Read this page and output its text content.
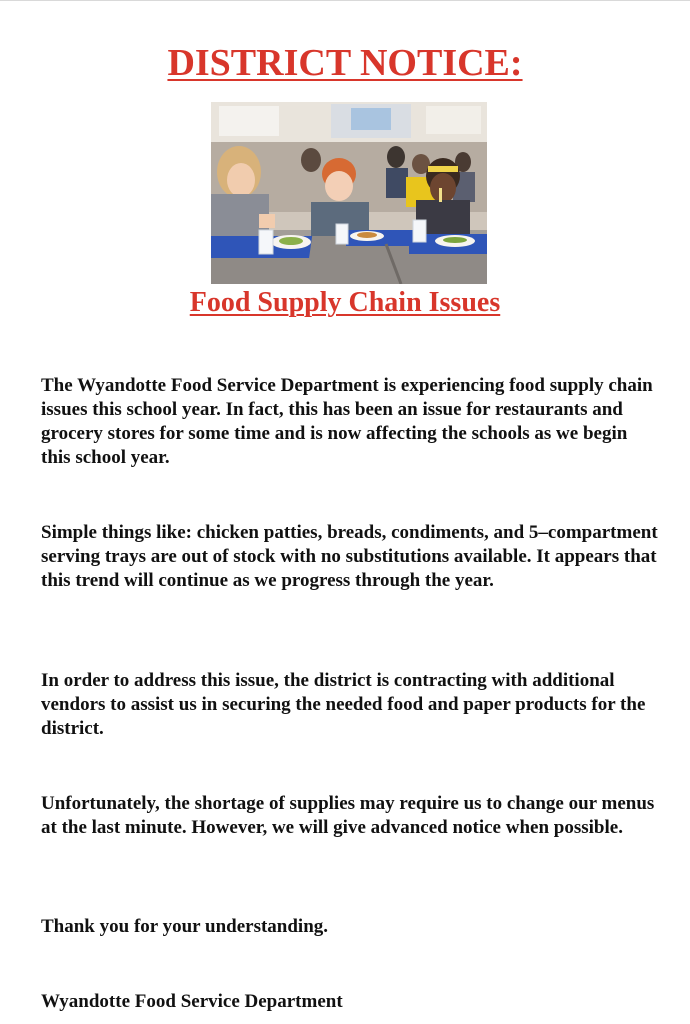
DISTRICT NOTICE:
Food Supply Chain Issues

The Wyandotte Food Service Department is experiencing food supply chain issues this school year. In fact, this has been an issue for restaurants and grocery stores for some time and is now affecting the schools as we begin this school year.

Simple things like: chicken patties, breads, condiments, and 5–compartment serving trays are out of stock with no substitutions available. It appears that this trend will continue as we progress through the year.

In order to address this issue, the district is contracting with additional vendors to assist us in securing the needed food and paper products for the district.

Unfortunately, the shortage of supplies may require us to change our menus at the last minute. However, we will give advanced notice when possible.

Thank you for your understanding.

Wyandotte Food Service Department
